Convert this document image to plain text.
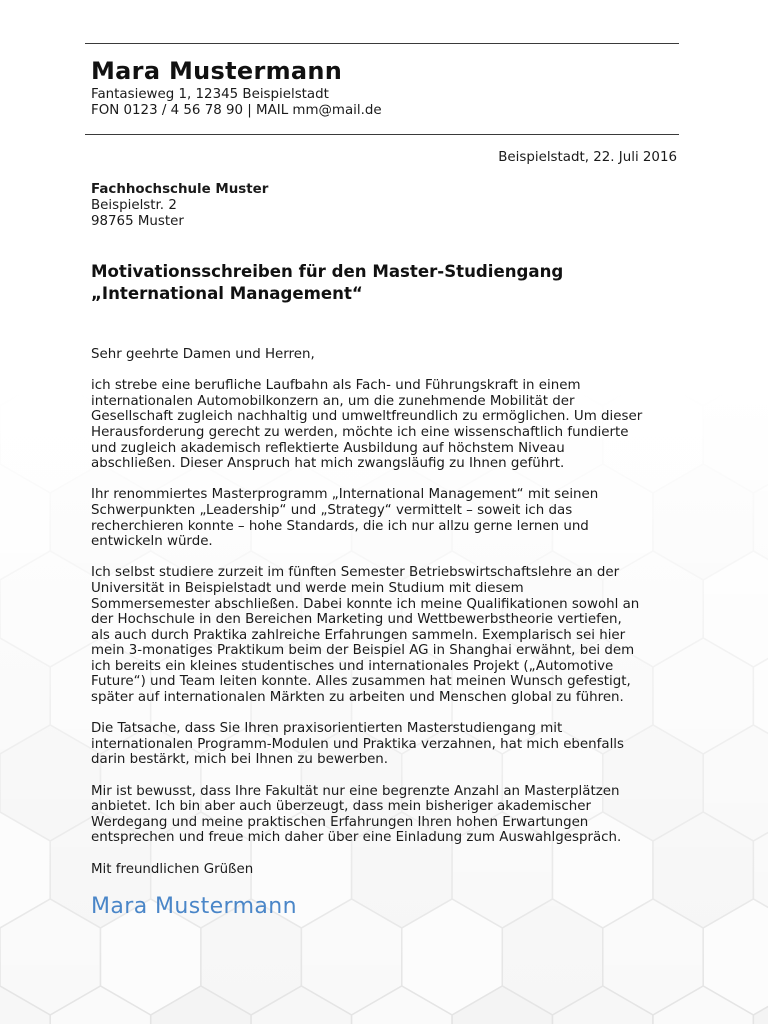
Mara Mustermann
Fantasieweg 1, 12345 Beispielstadt
FON 0123 / 4 56 78 90 | MAIL mm@mail.de
Beispielstadt, 22. Juli 2016
Fachhochschule Muster
Beispielstr. 2
98765 Muster
Motivationsschreiben für den Master-Studiengang
„International Management“

Sehr geehrte Damen und Herren,

ich strebe eine berufliche Laufbahn als Fach- und Führungskraft in einem
internationalen Automobilkonzern an, um die zunehmende Mobilität der
Gesellschaft zugleich nachhaltig und umweltfreundlich zu ermöglichen. Um dieser
Herausforderung gerecht zu werden, möchte ich eine wissenschaftlich fundierte
und zugleich akademisch reflektierte Ausbildung auf höchstem Niveau
abschließen. Dieser Anspruch hat mich zwangsläufig zu Ihnen geführt.

Ihr renommiertes Masterprogramm „International Management“ mit seinen
Schwerpunkten „Leadership“ und „Strategy“ vermittelt – soweit ich das
recherchieren konnte – hohe Standards, die ich nur allzu gerne lernen und
entwickeln würde.

Ich selbst studiere zurzeit im fünften Semester Betriebswirtschaftslehre an der
Universität in Beispielstadt und werde mein Studium mit diesem
Sommersemester abschließen. Dabei konnte ich meine Qualifikationen sowohl an
der Hochschule in den Bereichen Marketing und Wettbewerbstheorie vertiefen,
als auch durch Praktika zahlreiche Erfahrungen sammeln. Exemplarisch sei hier
mein 3-monatiges Praktikum beim der Beispiel AG in Shanghai erwähnt, bei dem
ich bereits ein kleines studentisches und internationales Projekt („Automotive
Future“) und Team leiten konnte. Alles zusammen hat meinen Wunsch gefestigt,
später auf internationalen Märkten zu arbeiten und Menschen global zu führen.

Die Tatsache, dass Sie Ihren praxisorientierten Masterstudiengang mit
internationalen Programm-Modulen und Praktika verzahnen, hat mich ebenfalls
darin bestärkt, mich bei Ihnen zu bewerben.

Mir ist bewusst, dass Ihre Fakultät nur eine begrenzte Anzahl an Masterplätzen
anbietet. Ich bin aber auch überzeugt, dass mein bisheriger akademischer
Werdegang und meine praktischen Erfahrungen Ihren hohen Erwartungen
entsprechen und freue mich daher über eine Einladung zum Auswahlgespräch.

Mit freundlichen Grüßen

Mara Mustermann
